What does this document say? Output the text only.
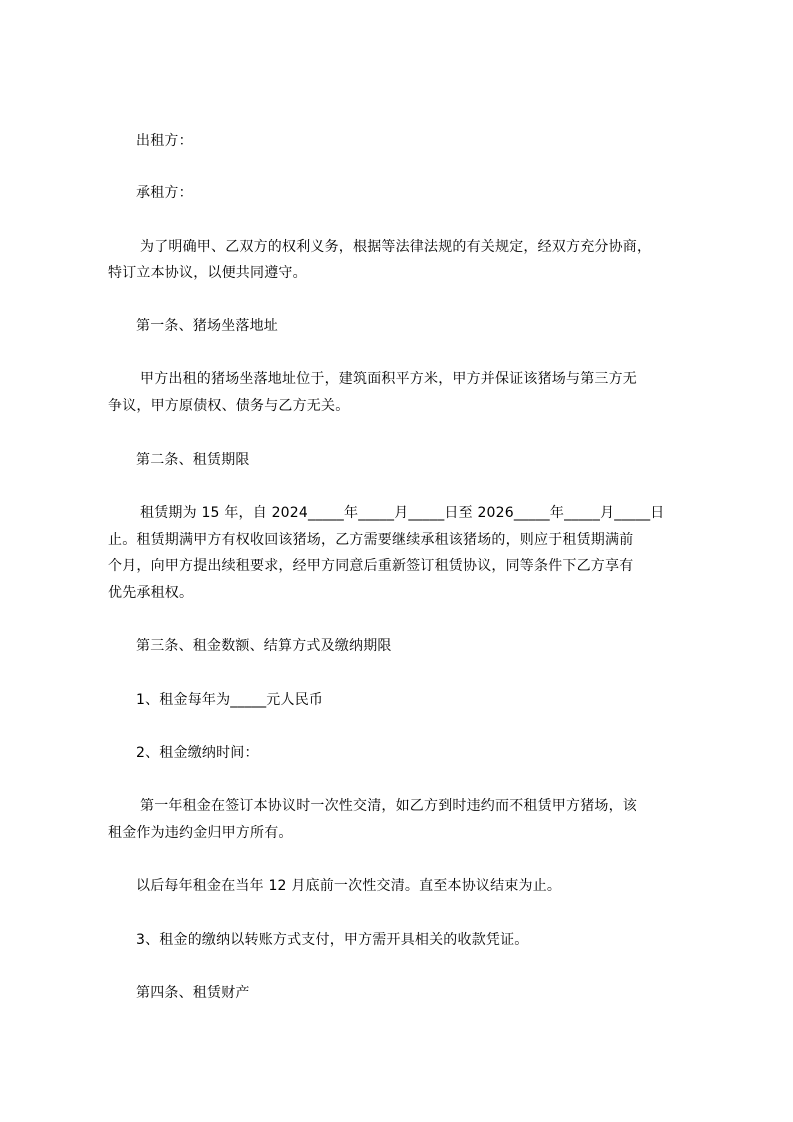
出租方：
承租方：
为了明确甲、乙双方的权利义务，根据等法律法规的有关规定，经双方充分协商，
特订立本协议，以便共同遵守。
第一条、猪场坐落地址
甲方出租的猪场坐落地址位于，建筑面积平方米，甲方并保证该猪场与第三方无
争议，甲方原债权、债务与乙方无关。
第二条、租赁期限
租赁期为 15 年，自 2024_____年_____月_____日至 2026_____年_____月_____日
止。租赁期满甲方有权收回该猪场，乙方需要继续承租该猪场的，则应于租赁期满前
个月，向甲方提出续租要求，经甲方同意后重新签订租赁协议，同等条件下乙方享有
优先承租权。
第三条、租金数额、结算方式及缴纳期限
1、租金每年为_____元人民币
2、租金缴纳时间：
第一年租金在签订本协议时一次性交清，如乙方到时违约而不租赁甲方猪场，该
租金作为违约金归甲方所有。
以后每年租金在当年 12 月底前一次性交清。直至本协议结束为止。
3、租金的缴纳以转账方式支付，甲方需开具相关的收款凭证。
第四条、租赁财产
